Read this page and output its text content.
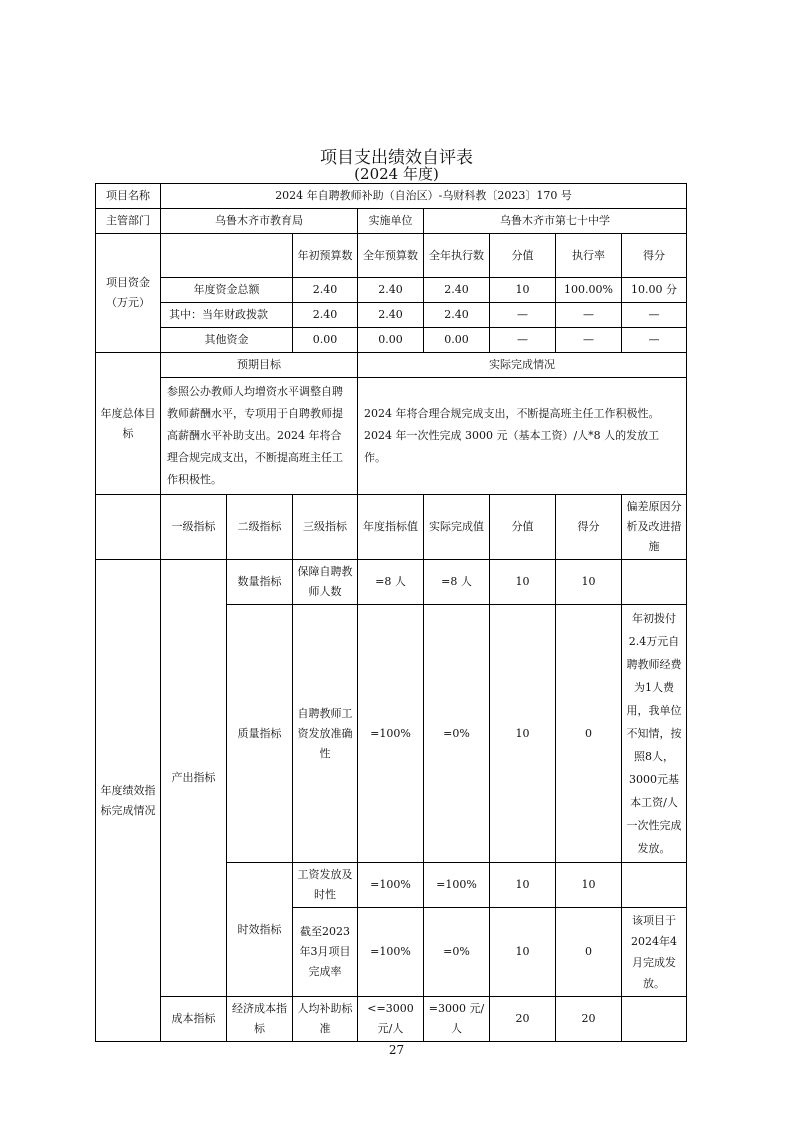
项目支出绩效自评表
(2024 年度)
项目名称	2024 年自聘教师补助（自治区）-乌财科教〔2023〕170 号							
主管部门	乌鲁木齐市教育局			实施单位	乌鲁木齐市第七十中学			
项目资金（万元）			年初预算数	全年预算数	全年执行数	分值	执行率	得分
	年度资金总额		2.40	2.40	2.40	10	100.00%	10.00 分
	其中：当年财政拨款		2.40	2.40	2.40	—	—	—
	其他资金		0.00	0.00	0.00	—	—	—
年度总体目标	预期目标			实际完成情况				
	参照公办教师人均增资水平调整自聘教师薪酬水平，专项用于自聘教师提高薪酬水平补助支出。2024 年将合理合规完成支出，不断提高班主任工作积极性。			2024 年将合理合规完成支出，不断提高班主任工作积极性。2024 年一次性完成 3000 元（基本工资）/人*8 人的发放工作。				
	一级指标	二级指标	三级指标	年度指标值	实际完成值	分值	得分	偏差原因分析及改进措施
年度绩效指标完成情况	产出指标	数量指标	保障自聘教师人数	=8 人	=8 人	10	10	
		质量指标	自聘教师工资发放准确性	=100%	=0%	10	0	年初拨付2.4万元自聘教师经费为1人费用，我单位不知情，按照8人，3000元基本工资/人一次性完成发放。
		时效指标	工资发放及时性	=100%	=100%	10	10	
			截至2023年3月项目完成率	=100%	=0%	10	0	该项目于2024年4月完成发放。
	成本指标	经济成本指标	人均补助标准	<=3000 元/人	=3000 元/人	20	20	
27
